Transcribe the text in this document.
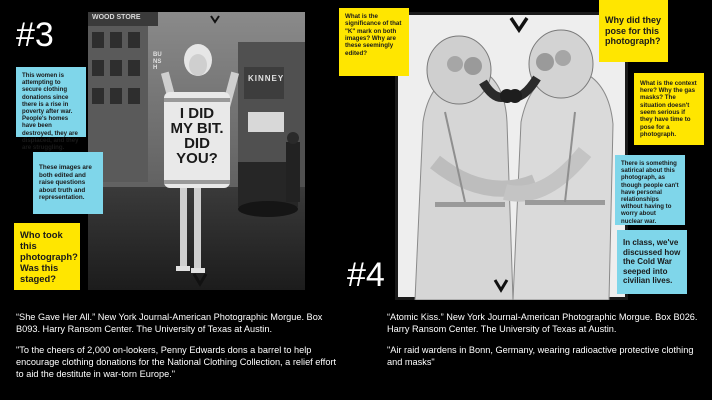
#3
I DID
MY BIT.
DID YOU?
KINNEY
WOOD STORE
BUNSH
This women is attempting to secure clothing donations since there is a rise in poverty after war. People's homes have been destroyed, they are displaced, and they are struggling.
These images are both edited and raise questions about truth and representation.
Who took this photograph? Was this staged?
“She Gave Her All.” New York Journal-American Photographic Morgue. Box B093. Harry Ransom Center. The University of Texas at Austin.
"To the cheers of 2,000 on-lookers, Penny Edwards dons a barrel to help encourage clothing donations for the National Clothing Collection, a relief effort to aid the destitute in war-torn Europe."
#4
What is the significance of that "K" mark on both images? Why are these seemingly edited?
Why did they pose for this photograph?
What is the context here? Why the gas masks? The situation doesn't seem serious if they have time to pose for a photograph.
There is something satirical about this photograph, as though people can't have personal relationships without having to worry about nuclear war.
In class, we've discussed how the Cold War seeped into civilian lives.
“Atomic Kiss.” New York Journal-American Photographic Morgue. Box B026. Harry Ransom Center. The University of Texas at Austin.
"Air raid wardens in Bonn, Germany, wearing radioactive protective clothing and masks"
